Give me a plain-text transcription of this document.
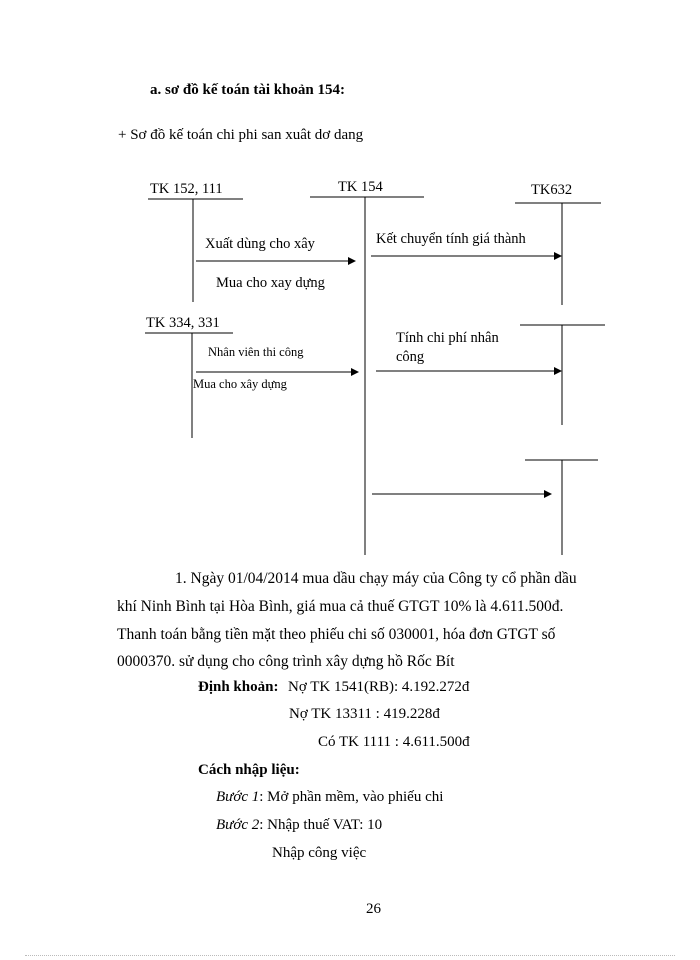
a. sơ đồ kế toán tài khoản 154:
+ Sơ đồ kế toán chi phi san xuât dơ dang
TK 152, 111	TK 154	TK632
TK 334, 331
Xuất dùng cho xây
Mua cho xay dựng
Kết chuyển tính giá thành
Nhân viên thi công
Mua cho xây dựng
Tính chi phí nhân
công
1. Ngày 01/04/2014 mua dầu chạy máy của Công ty cổ phần dầu
khí Ninh Bình tại Hòa Bình, giá mua cả thuế GTGT 10% là 4.611.500đ.
Thanh toán bằng tiền mặt theo phiếu chi số 030001, hóa đơn GTGT số
0000370. sử dụng cho công trình xây dựng hồ Rốc Bít
Định khoản: Nợ TK 1541(RB): 4.192.272đ
Nợ TK 13311 : 419.228đ
Có TK 1111 : 4.611.500đ
Cách nhập liệu:
Bước 1: Mở phần mềm, vào phiếu chi
Bước 2: Nhập thuế VAT: 10
Nhập công việc
26
